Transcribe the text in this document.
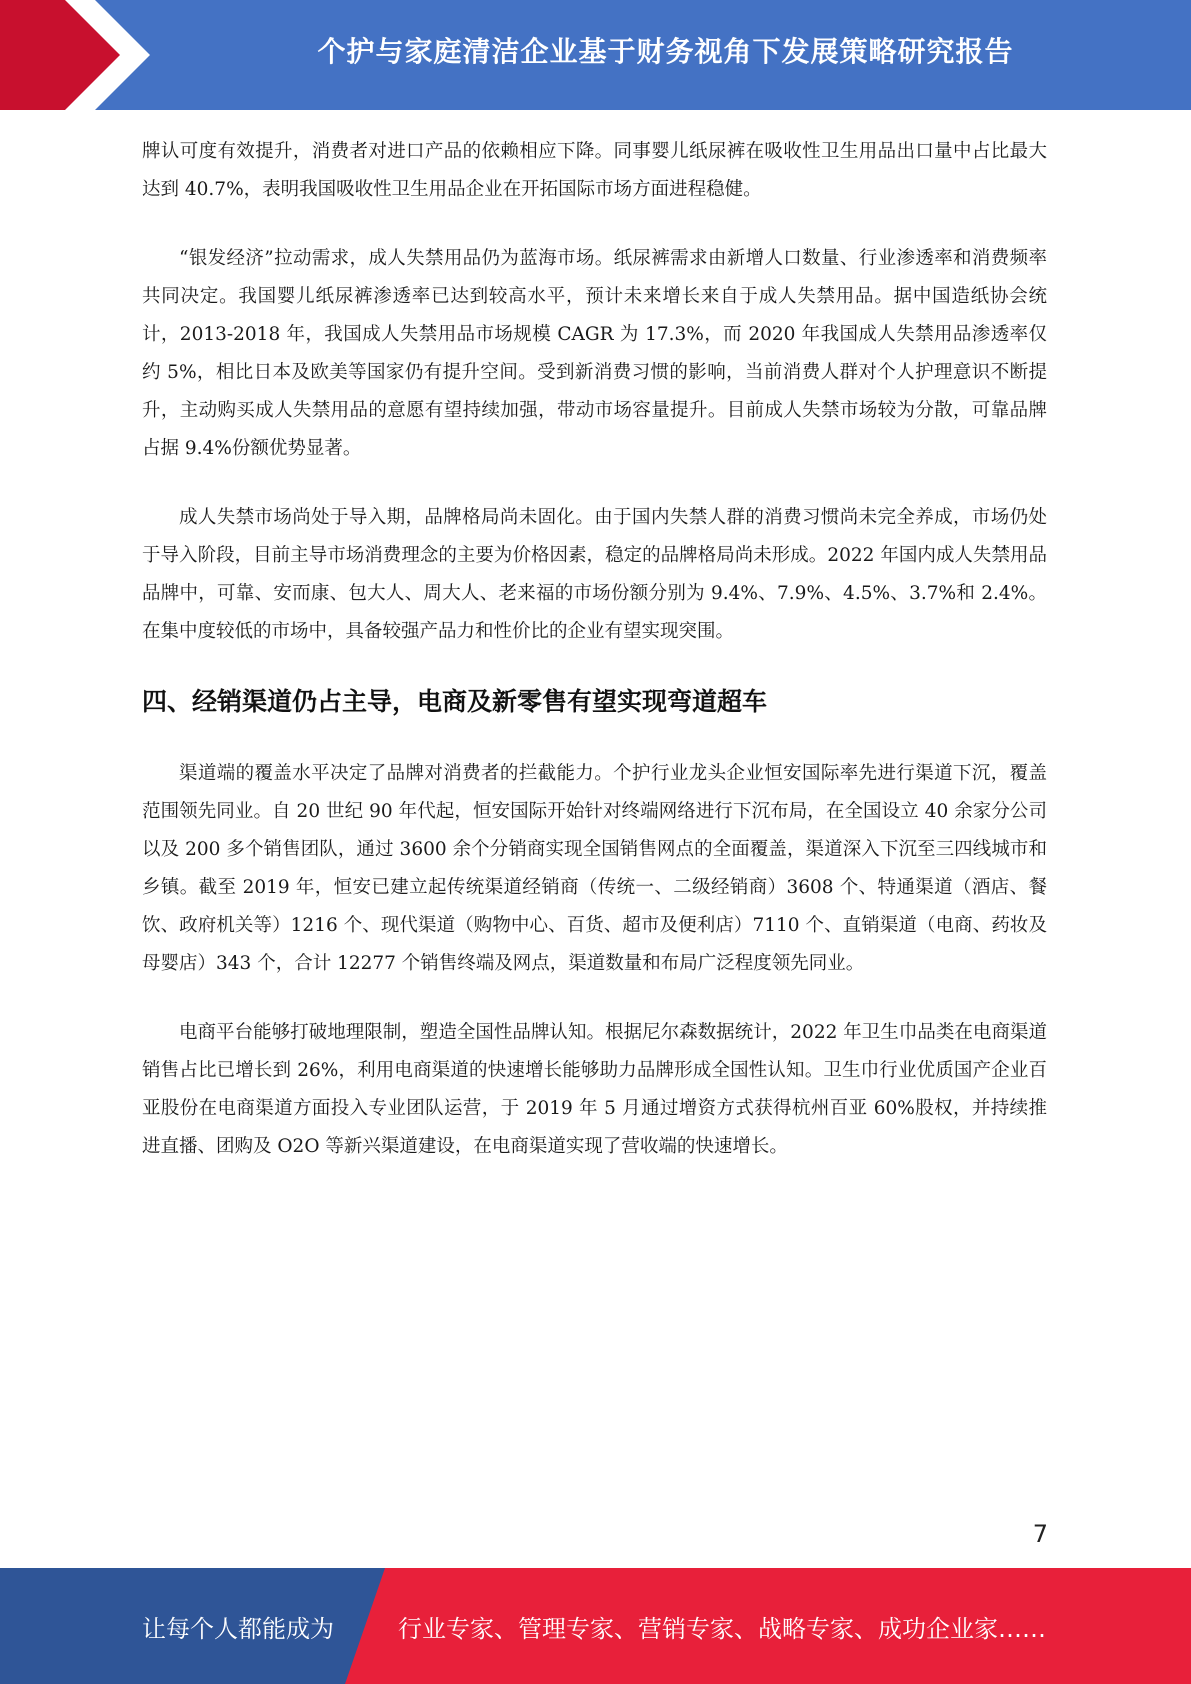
个护与家庭清洁企业基于财务视角下发展策略研究报告

牌认可度有效提升，消费者对进口产品的依赖相应下降。同事婴儿纸尿裤在吸收性卫生用品出口量中占比最大达到 40.7%，表明我国吸收性卫生用品企业在开拓国际市场方面进程稳健。

“银发经济”拉动需求，成人失禁用品仍为蓝海市场。纸尿裤需求由新增人口数量、行业渗透率和消费频率共同决定。我国婴儿纸尿裤渗透率已达到较高水平，预计未来增长来自于成人失禁用品。据中国造纸协会统计，2013-2018 年，我国成人失禁用品市场规模 CAGR 为 17.3%，而 2020 年我国成人失禁用品渗透率仅约 5%，相比日本及欧美等国家仍有提升空间。受到新消费习惯的影响，当前消费人群对个人护理意识不断提升，主动购买成人失禁用品的意愿有望持续加强，带动市场容量提升。目前成人失禁市场较为分散，可靠品牌占据 9.4%份额优势显著。

成人失禁市场尚处于导入期，品牌格局尚未固化。由于国内失禁人群的消费习惯尚未完全养成，市场仍处于导入阶段，目前主导市场消费理念的主要为价格因素，稳定的品牌格局尚未形成。2022 年国内成人失禁用品品牌中，可靠、安而康、包大人、周大人、老来福的市场份额分别为 9.4%、7.9%、4.5%、3.7%和 2.4%。在集中度较低的市场中，具备较强产品力和性价比的企业有望实现突围。

四、经销渠道仍占主导，电商及新零售有望实现弯道超车

渠道端的覆盖水平决定了品牌对消费者的拦截能力。个护行业龙头企业恒安国际率先进行渠道下沉，覆盖范围领先同业。自 20 世纪 90 年代起，恒安国际开始针对终端网络进行下沉布局，在全国设立 40 余家分公司以及 200 多个销售团队，通过 3600 余个分销商实现全国销售网点的全面覆盖，渠道深入下沉至三四线城市和乡镇。截至 2019 年，恒安已建立起传统渠道经销商（传统一、二级经销商）3608 个、特通渠道（酒店、餐饮、政府机关等）1216 个、现代渠道（购物中心、百货、超市及便利店）7110 个、直销渠道（电商、药妆及母婴店）343 个，合计 12277 个销售终端及网点，渠道数量和布局广泛程度领先同业。

电商平台能够打破地理限制，塑造全国性品牌认知。根据尼尔森数据统计，2022 年卫生巾品类在电商渠道销售占比已增长到 26%，利用电商渠道的快速增长能够助力品牌形成全国性认知。卫生巾行业优质国产企业百亚股份在电商渠道方面投入专业团队运营，于 2019 年 5 月通过增资方式获得杭州百亚 60%股权，并持续推进直播、团购及 O2O 等新兴渠道建设，在电商渠道实现了营收端的快速增长。

7
让每个人都能成为	行业专家、管理专家、营销专家、战略专家、成功企业家……
